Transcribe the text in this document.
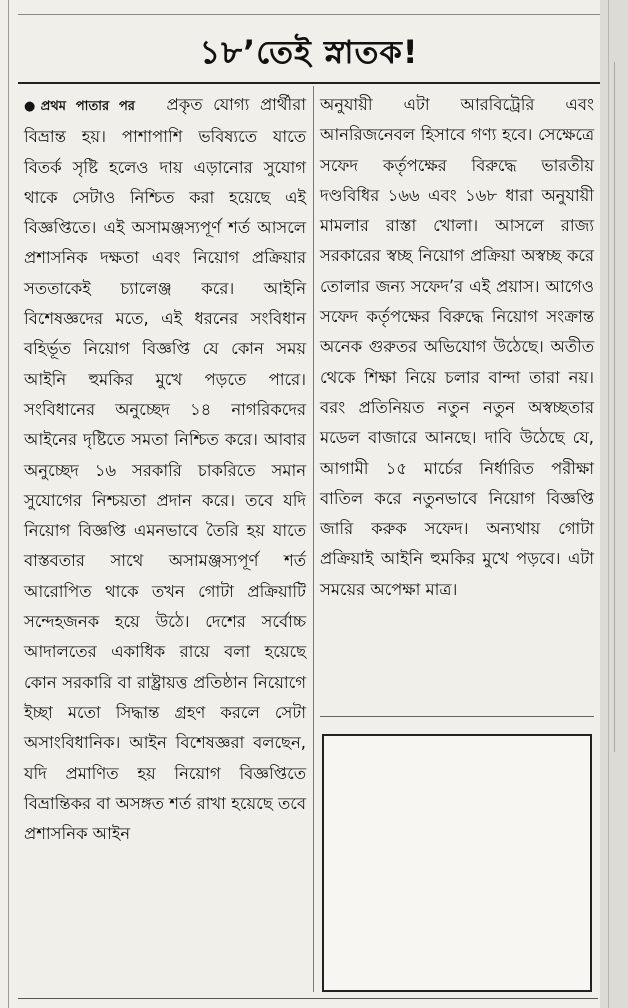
১৮’তেই স্নাতক!
●প্রথম পাতার পর প্রকৃত যোগ্য প্রার্থীরা বিভ্রান্ত হয়। পাশাপাশি ভবিষ্যতে যাতে বিতর্ক সৃষ্টি হলেও দায় এড়ানোর সুযোগ থাকে সেটাও নিশ্চিত করা হয়েছে এই বিজ্ঞপ্তিতে। এই অসামঞ্জস্যপূর্ণ শর্ত আসলে প্রশাসনিক দক্ষতা এবং নিয়োগ প্রক্রিয়ার সততাকেই চ্যালেঞ্জ করে। আইনি বিশেষজ্ঞদের মতে, এই ধরনের সংবিধান বহির্ভূত নিয়োগ বিজ্ঞপ্তি যে কোন সময় আইনি হুমকির মুখে পড়তে পারে। সংবিধানের অনুচ্ছেদ ১৪ নাগরিকদের আইনের দৃষ্টিতে সমতা নিশ্চিত করে। আবার অনুচ্ছেদ ১৬ সরকারি চাকরিতে সমান সুযোগের নিশ্চয়তা প্রদান করে। তবে যদি নিয়োগ বিজ্ঞপ্তি এমনভাবে তৈরি হয় যাতে বাস্তবতার সাথে অসামঞ্জস্যপূর্ণ শর্ত আরোপিত থাকে তখন গোটা প্রক্রিয়াটি সন্দেহজনক হয়ে উঠে। দেশের সর্বোচ্চ আদালতের একাধিক রায়ে বলা হয়েছে কোন সরকারি বা রাষ্ট্রায়ত্ত প্রতিষ্ঠান নিয়োগে ইচ্ছা মতো সিদ্ধান্ত গ্রহণ করলে সেটা অসাংবিধানিক। আইন বিশেষজ্ঞরা বলছেন, যদি প্রমাণিত হয় নিয়োগ বিজ্ঞপ্তিতে বিভ্রান্তিকর বা অসঙ্গত শর্ত রাখা হয়েছে তবে প্রশাসনিক আইন
অনুযায়ী এটা আরবিট্রেরি এবং আনরিজনেবল হিসাবে গণ্য হবে। সেক্ষেত্রে সফেদ কর্তৃপক্ষের বিরুদ্ধে ভারতীয় দণ্ডবিধির ১৬৬ এবং ১৬৮ ধারা অনুযায়ী মামলার রাস্তা খোলা। আসলে রাজ্য সরকারের স্বচ্ছ নিয়োগ প্রক্রিয়া অস্বচ্ছ করে তোলার জন্য সফেদ’র এই প্রয়াস। আগেও সফেদ কর্তৃপক্ষের বিরুদ্ধে নিয়োগ সংক্রান্ত অনেক গুরুতর অভিযোগ উঠেছে। অতীত থেকে শিক্ষা নিয়ে চলার বান্দা তারা নয়। বরং প্রতিনিয়ত নতুন নতুন অস্বচ্ছতার মডেল বাজারে আনছে। দাবি উঠেছে যে, আগামী ১৫ মার্চের নির্ধারিত পরীক্ষা বাতিল করে নতুনভাবে নিয়োগ বিজ্ঞপ্তি জারি করুক সফেদ। অন্যথায় গোটা প্রক্রিয়াই আইনি হুমকির মুখে পড়বে। এটা সময়ের অপেক্ষা মাত্র।
